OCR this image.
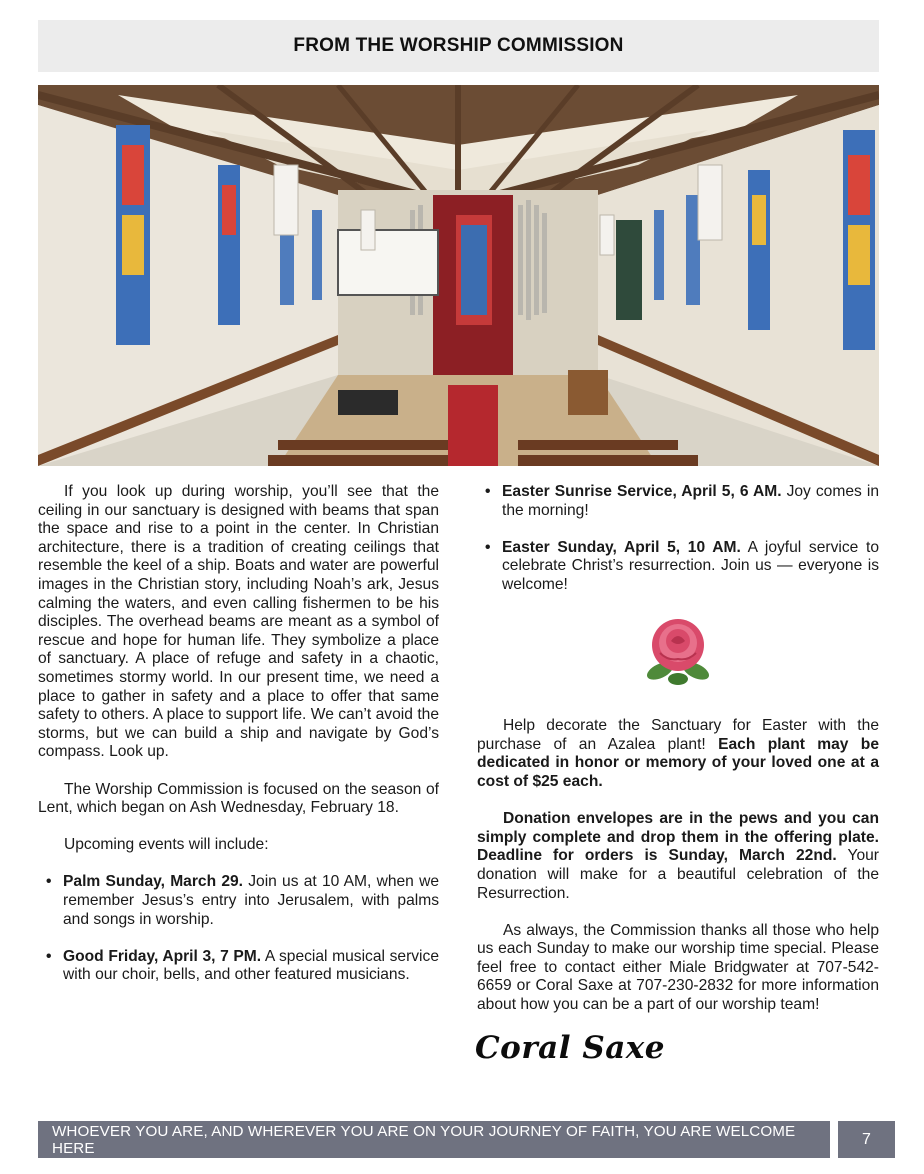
FROM THE WORSHIP COMMISSION

If you look up during worship, you’ll see that the ceiling in our sanctuary is designed with beams that span the space and rise to a point in the center. In Christian architecture, there is a tradition of creating ceilings that resemble the keel of a ship. Boats and water are powerful images in the Christian story, including Noah’s ark, Jesus calming the waters, and even calling fishermen to be his disciples. The overhead beams are meant as a symbol of rescue and hope for human life. They symbolize a place of sanctuary. A place of refuge and safety in a chaotic, sometimes stormy world. In our present time, we need a place to gather in safety and a place to offer that same safety to others. A place to support life. We can’t avoid the storms, but we can build a ship and navigate by God’s compass. Look up.

The Worship Commission is focused on the season of Lent, which began on Ash Wednesday, February 18.

Upcoming events will include:

• Palm Sunday, March 29. Join us at 10 AM, when we remember Jesus’s entry into Jerusalem, with palms and songs in worship.
• Good Friday, April 3, 7 PM. A special musical service with our choir, bells, and other featured musicians.
• Easter Sunrise Service, April 5, 6 AM. Joy comes in the morning!
• Easter Sunday, April 5, 10 AM. A joyful service to celebrate Christ’s resurrection. Join us — everyone is welcome!

Help decorate the Sanctuary for Easter with the purchase of an Azalea plant! Each plant may be dedicated in honor or memory of your loved one at a cost of $25 each.

Donation envelopes are in the pews and you can simply complete and drop them in the offering plate. Deadline for orders is Sunday, March 22nd. Your donation will make for a beautiful celebration of the Resurrection.

As always, the Commission thanks all those who help us each Sunday to make our worship time special. Please feel free to contact either Miale Bridgwater at 707-542-6659 or Coral Saxe at 707-230-2832 for more information about how you can be a part of our worship team!

Coral Saxe
WHOEVER YOU ARE, AND WHEREVER YOU ARE ON YOUR JOURNEY OF FAITH, YOU ARE WELCOME HERE
7
